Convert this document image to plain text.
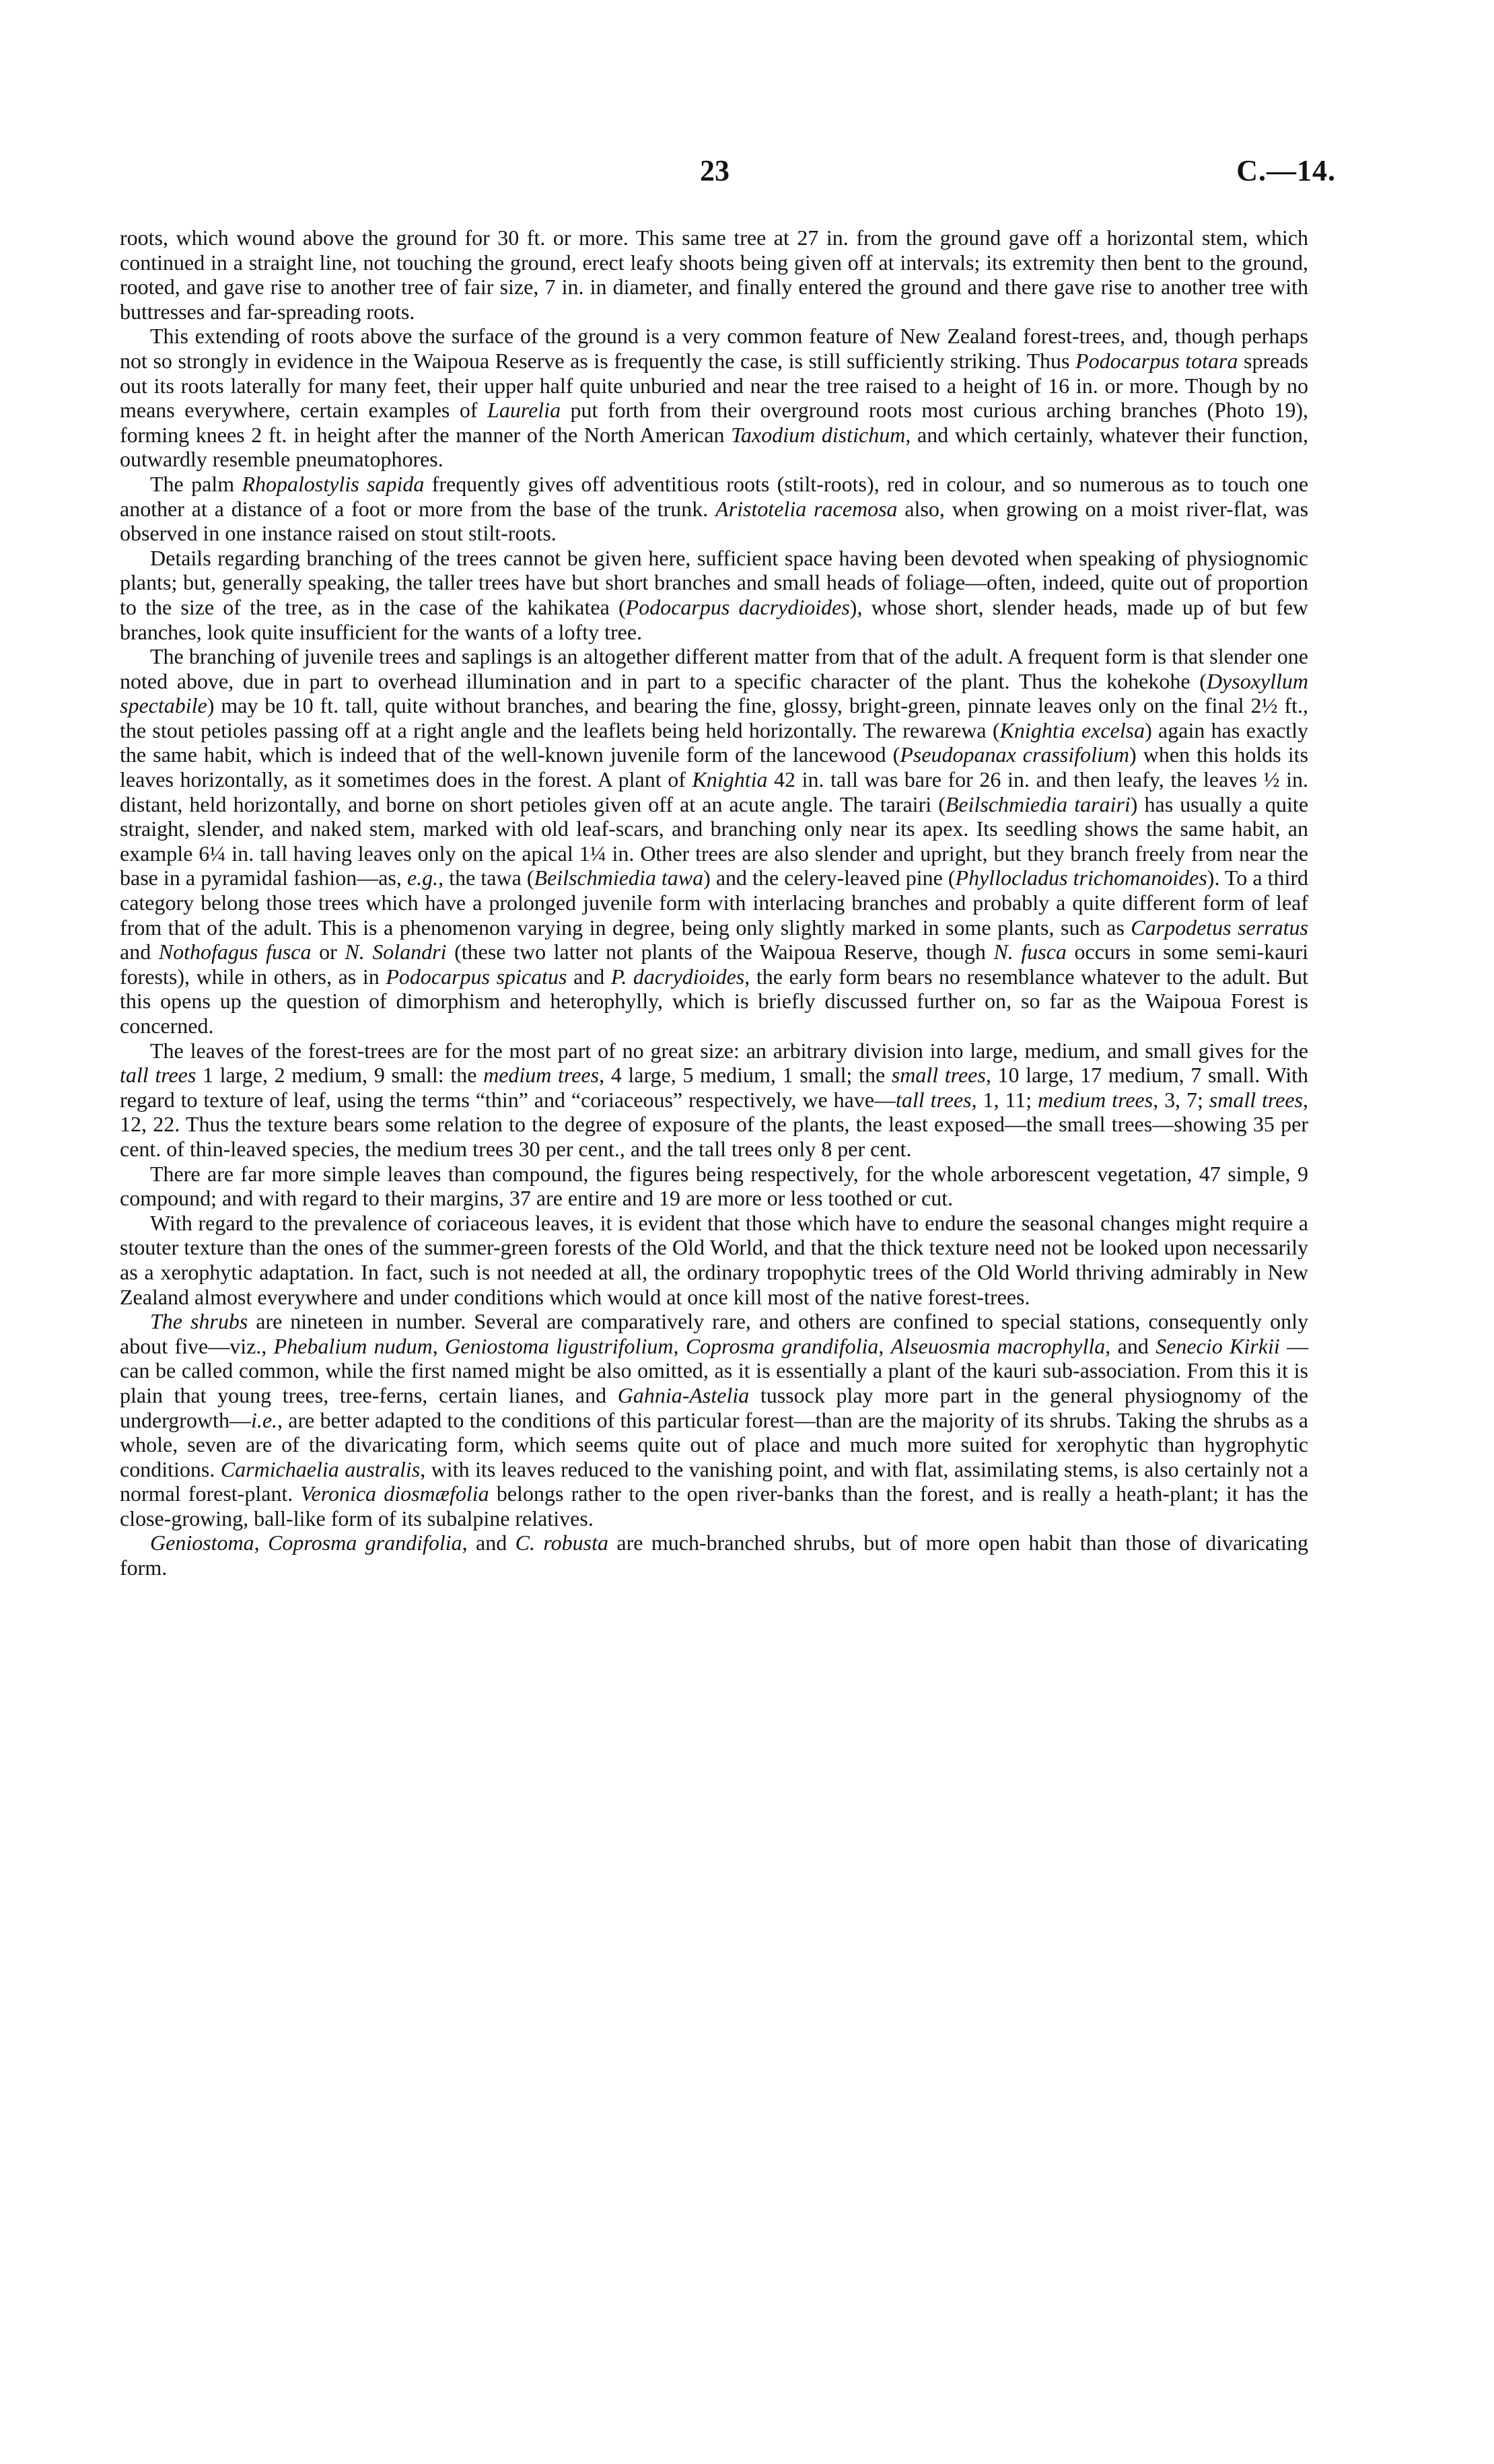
23	C.—14.

roots, which wound above the ground for 30 ft. or more. This same tree at 27 in. from the ground gave off a horizontal stem, which continued in a straight line, not touching the ground, erect leafy shoots being given off at intervals; its extremity then bent to the ground, rooted, and gave rise to another tree of fair size, 7 in. in diameter, and finally entered the ground and there gave rise to another tree with buttresses and far-spreading roots.

This extending of roots above the surface of the ground is a very common feature of New Zealand forest-trees, and, though perhaps not so strongly in evidence in the Waipoua Reserve as is frequently the case, is still sufficiently striking. Thus Podocarpus totara spreads out its roots laterally for many feet, their upper half quite unburied and near the tree raised to a height of 16 in. or more. Though by no means everywhere, certain examples of Laurelia put forth from their overground roots most curious arching branches (Photo 19), forming knees 2 ft. in height after the manner of the North American Taxodium distichum, and which certainly, whatever their function, outwardly resemble pneumatophores.

The palm Rhopalostylis sapida frequently gives off adventitious roots (stilt-roots), red in colour, and so numerous as to touch one another at a distance of a foot or more from the base of the trunk. Aristotelia racemosa also, when growing on a moist river-flat, was observed in one instance raised on stout stilt-roots.

Details regarding branching of the trees cannot be given here, sufficient space having been devoted when speaking of physiognomic plants; but, generally speaking, the taller trees have but short branches and small heads of foliage—often, indeed, quite out of proportion to the size of the tree, as in the case of the kahikatea (Podocarpus dacrydioides), whose short, slender heads, made up of but few branches, look quite insufficient for the wants of a lofty tree.

The branching of juvenile trees and saplings is an altogether different matter from that of the adult. A frequent form is that slender one noted above, due in part to overhead illumination and in part to a specific character of the plant. Thus the kohekohe (Dysoxyllum spectabile) may be 10 ft. tall, quite without branches, and bearing the fine, glossy, bright-green, pinnate leaves only on the final 2½ ft., the stout petioles passing off at a right angle and the leaflets being held horizontally. The rewarewa (Knightia excelsa) again has exactly the same habit, which is indeed that of the well-known juvenile form of the lancewood (Pseudopanax crassifolium) when this holds its leaves horizontally, as it sometimes does in the forest. A plant of Knightia 42 in. tall was bare for 26 in. and then leafy, the leaves ½ in. distant, held horizontally, and borne on short petioles given off at an acute angle. The tarairi (Beilschmiedia tarairi) has usually a quite straight, slender, and naked stem, marked with old leaf-scars, and branching only near its apex. Its seedling shows the same habit, an example 6¼ in. tall having leaves only on the apical 1¼ in. Other trees are also slender and upright, but they branch freely from near the base in a pyramidal fashion—as, e.g., the tawa (Beilschmiedia tawa) and the celery-leaved pine (Phyllocladus trichomanoides). To a third category belong those trees which have a prolonged juvenile form with interlacing branches and probably a quite different form of leaf from that of the adult. This is a phenomenon varying in degree, being only slightly marked in some plants, such as Carpodetus serratus and Nothofagus fusca or N. Solandri (these two latter not plants of the Waipoua Reserve, though N. fusca occurs in some semi-kauri forests), while in others, as in Podocarpus spicatus and P. dacrydioides, the early form bears no resemblance whatever to the adult. But this opens up the question of dimorphism and heterophylly, which is briefly discussed further on, so far as the Waipoua Forest is concerned.

The leaves of the forest-trees are for the most part of no great size: an arbitrary division into large, medium, and small gives for the tall trees 1 large, 2 medium, 9 small: the medium trees, 4 large, 5 medium, 1 small; the small trees, 10 large, 17 medium, 7 small. With regard to texture of leaf, using the terms “thin” and “coriaceous” respectively, we have—tall trees, 1, 11; medium trees, 3, 7; small trees, 12, 22. Thus the texture bears some relation to the degree of exposure of the plants, the least exposed—the small trees—showing 35 per cent. of thin-leaved species, the medium trees 30 per cent., and the tall trees only 8 per cent.

There are far more simple leaves than compound, the figures being respectively, for the whole arborescent vegetation, 47 simple, 9 compound; and with regard to their margins, 37 are entire and 19 are more or less toothed or cut.

With regard to the prevalence of coriaceous leaves, it is evident that those which have to endure the seasonal changes might require a stouter texture than the ones of the summer-green forests of the Old World, and that the thick texture need not be looked upon necessarily as a xerophytic adaptation. In fact, such is not needed at all, the ordinary tropophytic trees of the Old World thriving admirably in New Zealand almost everywhere and under conditions which would at once kill most of the native forest-trees.

The shrubs are nineteen in number. Several are comparatively rare, and others are confined to special stations, consequently only about five—viz., Phebalium nudum, Geniostoma ligustrifolium, Coprosma grandifolia, Alseuosmia macrophylla, and Senecio Kirkii — can be called common, while the first named might be also omitted, as it is essentially a plant of the kauri sub-association. From this it is plain that young trees, tree-ferns, certain lianes, and Gahnia-Astelia tussock play more part in the general physiognomy of the undergrowth—i.e., are better adapted to the conditions of this particular forest—than are the majority of its shrubs. Taking the shrubs as a whole, seven are of the divaricating form, which seems quite out of place and much more suited for xerophytic than hygrophytic conditions. Carmichaelia australis, with its leaves reduced to the vanishing point, and with flat, assimilating stems, is also certainly not a normal forest-plant. Veronica diosmæfolia belongs rather to the open river-banks than the forest, and is really a heath-plant; it has the close-growing, ball-like form of its subalpine relatives.

Geniostoma, Coprosma grandifolia, and C. robusta are much-branched shrubs, but of more open habit than those of divaricating form.
